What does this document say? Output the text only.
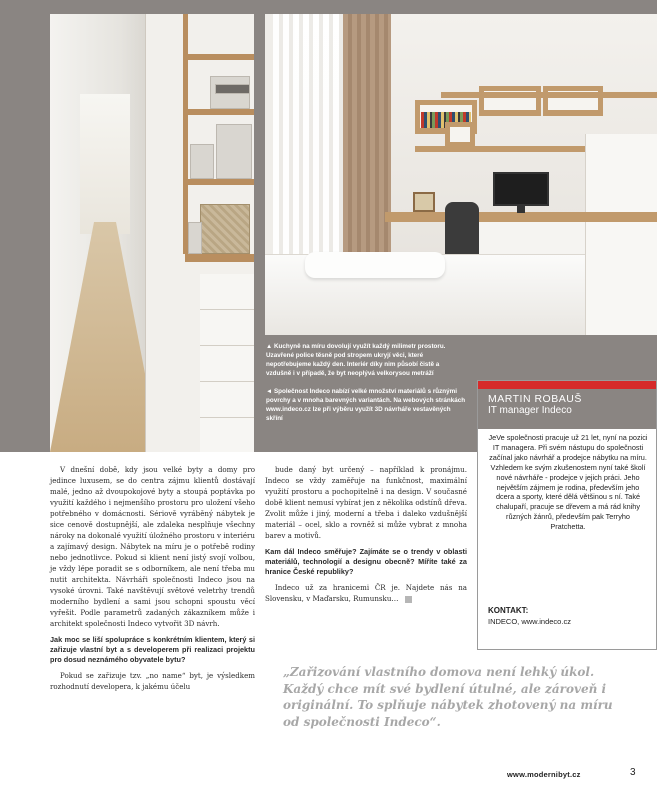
▲ Kuchyně na míru dovolují využít každý milimetr prostoru. Uzavřené police těsně pod stropem ukryjí věci, které nepotřebujeme každý den. Interiér díky nim působí čistě a vzdušně i v případě, že byt neoplývá velkorysou metráží

◄ Společnost Indeco nabízí velké množství materiálů s různými povrchy a v mnoha barevných variantách. Na webových stránkách www.indeco.cz lze při výběru využít 3D návrháře vestavěných skříní

MARTIN ROBAUŠ
IT manager Indeco
JeVe společnosti pracuje už 21 let, nyní na pozici IT managera. Při svém nástupu do společnosti začínal jako návrhář a prodejce nábytku na míru. Vzhledem ke svým zkušenostem nyní také školí nové návrháře - prodejce v jejich práci. Jeho největším zájmem je rodina, především jeho dcera a sporty, které dělá většinou s ní. Také chalupaří, pracuje se dřevem a má rád knihy různých žánrů, především pak Terryho Pratchetta.
KONTAKT:
INDECO, www.indeco.cz

V dnešní době, kdy jsou velké byty a domy pro jedince luxusem, se do centra zájmu klientů dostávají malé, jedno až dvoupokojové byty a stoupá poptávka po využití každého i nejmenšího prostoru pro uložení všeho potřebného v domácnosti. Sériově vyráběný nábytek je sice cenově dostupnější, ale zdaleka nesplňuje všechny nároky na dokonalé využití úložného prostoru v interiéru a zajímavý design. Nábytek na míru je o potřebě rodiny nebo jednotlivce. Pokud si klient není jistý svojí volbou, je vždy lépe poradit se s odborníkem, ale není třeba mu nutit architekta. Návrháři společnosti Indeco jsou na vysoké úrovni. Také navštěvují světové veletrhy trendů moderního bydlení a sami jsou schopni spoustu věcí vyřešit. Podle parametrů zadaných zákazníkem může i architekt společnosti Indeco vytvořit 3D návrh.

Jak moc se liší spolupráce s konkrétním klientem, který si zařizuje vlastní byt a s developerem při realizaci projektu pro dosud neznámého obyvatele bytu?

Pokud se zařizuje tzv. „no name“ byt, je výsledkem rozhodnutí developera, k jakému účelu

bude daný byt určený – například k pronájmu. Indeco se vždy zaměřuje na funkčnost, maximální využití prostoru a pochopitelně i na design. V současné době klient nemusí vybírat jen z několika odstínů dřeva. Zvolit může i jiný, moderní a třeba i daleko vzdušnější materiál – ocel, sklo a rovněž si může vybrat z mnoha barev a motivů.

Kam dál Indeco směřuje? Zajímáte se o trendy v oblasti materiálů, technologií a designu obecně? Míříte také za hranice České republiky?

Indeco už za hranicemi ČR je. Najdete nás na Slovensku, v Maďarsku, Rumunsku…

„Zařizování vlastního domova není lehký úkol. Každý chce mít své bydlení útulné, ale zároveň i originální. To splňuje nábytek zhotovený na míru od společnosti Indeco“.
www.modernibyt.cz	3
